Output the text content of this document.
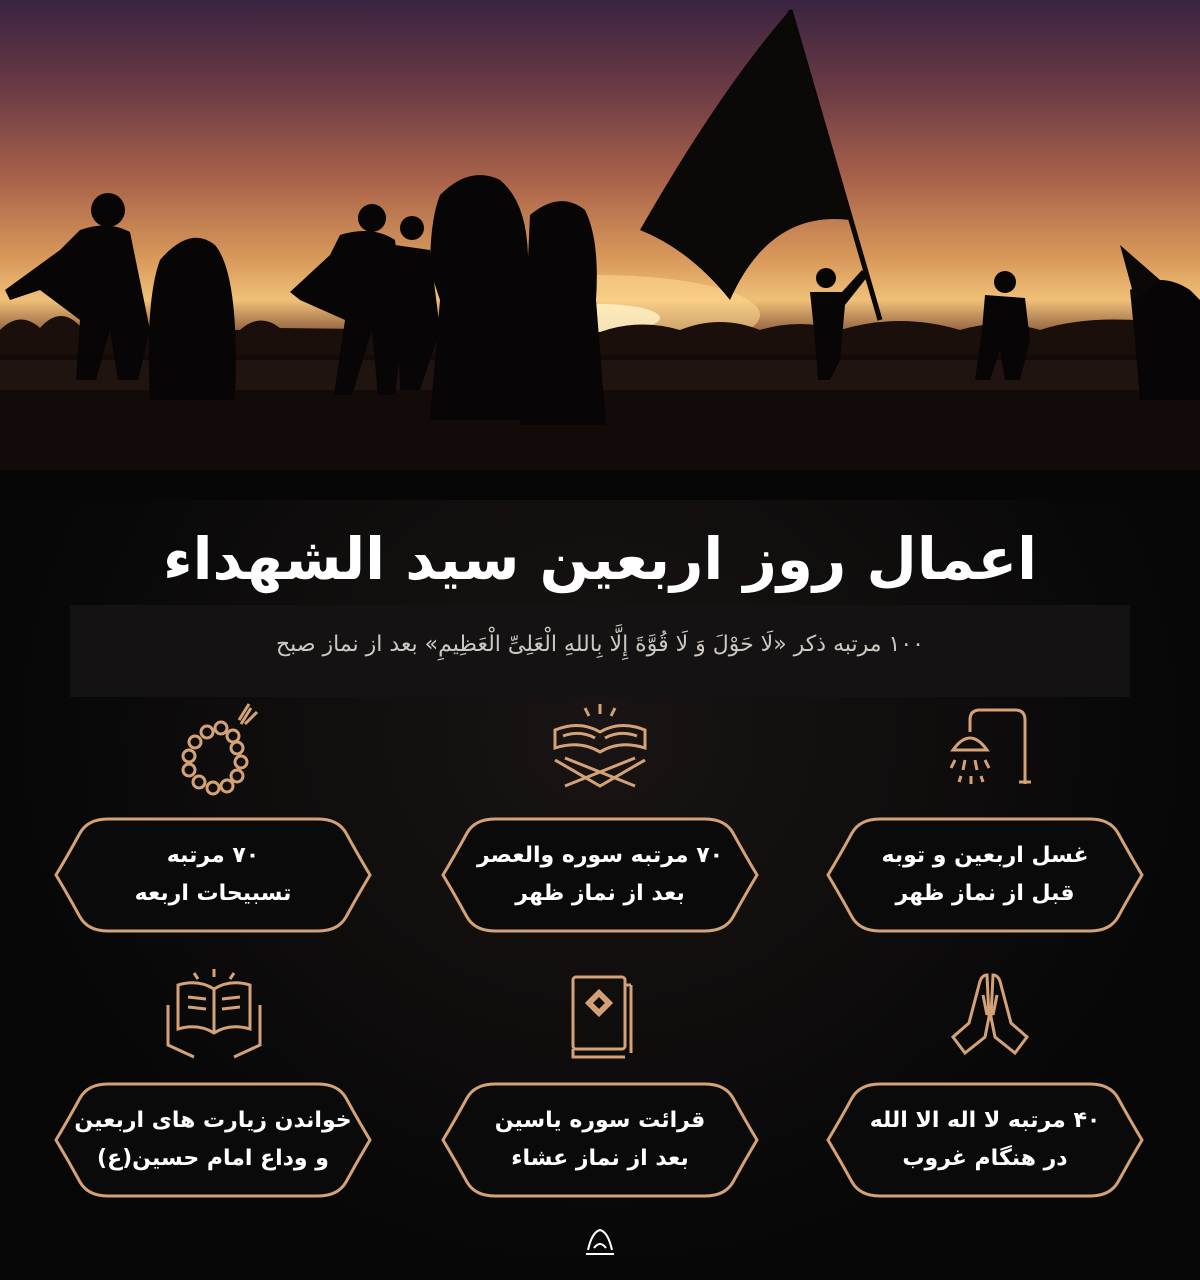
اعمال روز اربعین سید الشهداء
۱۰۰ مرتبه ذکر «لَا حَوْلَ وَ لَا قُوَّةَ إِلَّا بِاللهِ الْعَلِیِّ الْعَظِيمِ» بعد از نماز صبح
غسل اربعین و توبه
قبل از نماز ظهر
۷۰ مرتبه سوره والعصر
بعد از نماز ظهر
۷۰ مرتبه
تسبیحات اربعه
۴۰ مرتبه لا اله الا الله
در هنگام غروب
قرائت سوره یاسین
بعد از نماز عشاء
خواندن زیارت های اربعین
و وداع امام حسین(ع)
